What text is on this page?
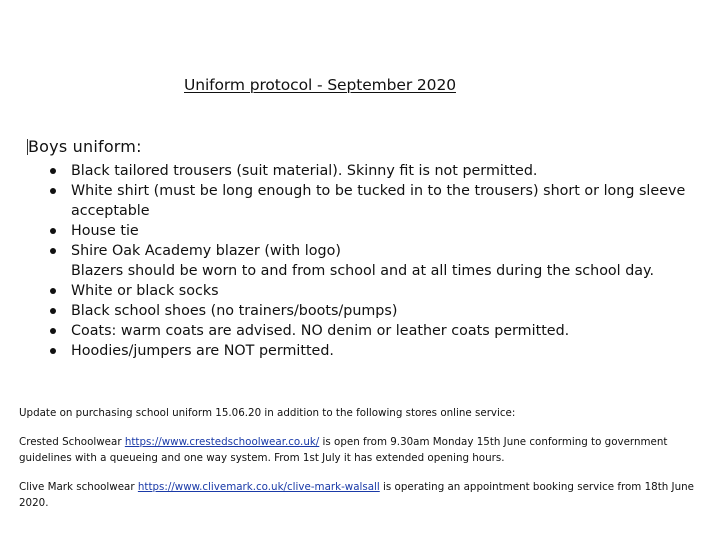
Uniform protocol - September 2020
Boys uniform:
Black tailored trousers (suit material). Skinny fit is not permitted.
White shirt (must be long enough to be tucked in to the trousers) short or long sleeve acceptable
House tie
Shire Oak Academy blazer (with logo)
Blazers should be worn to and from school and at all times during the school day.
White or black socks
Black school shoes (no trainers/boots/pumps)
Coats: warm coats are advised. NO denim or leather coats permitted.
Hoodies/jumpers are NOT permitted.

Update on purchasing school uniform 15.06.20 in addition to the following stores online service:

Crested Schoolwear https://www.crestedschoolwear.co.uk/ is open from 9.30am Monday 15th June conforming to government guidelines with a queueing and one way system. From 1st July it has extended opening hours.

Clive Mark schoolwear https://www.clivemark.co.uk/clive-mark-walsall is operating an appointment booking service from 18th June 2020.
